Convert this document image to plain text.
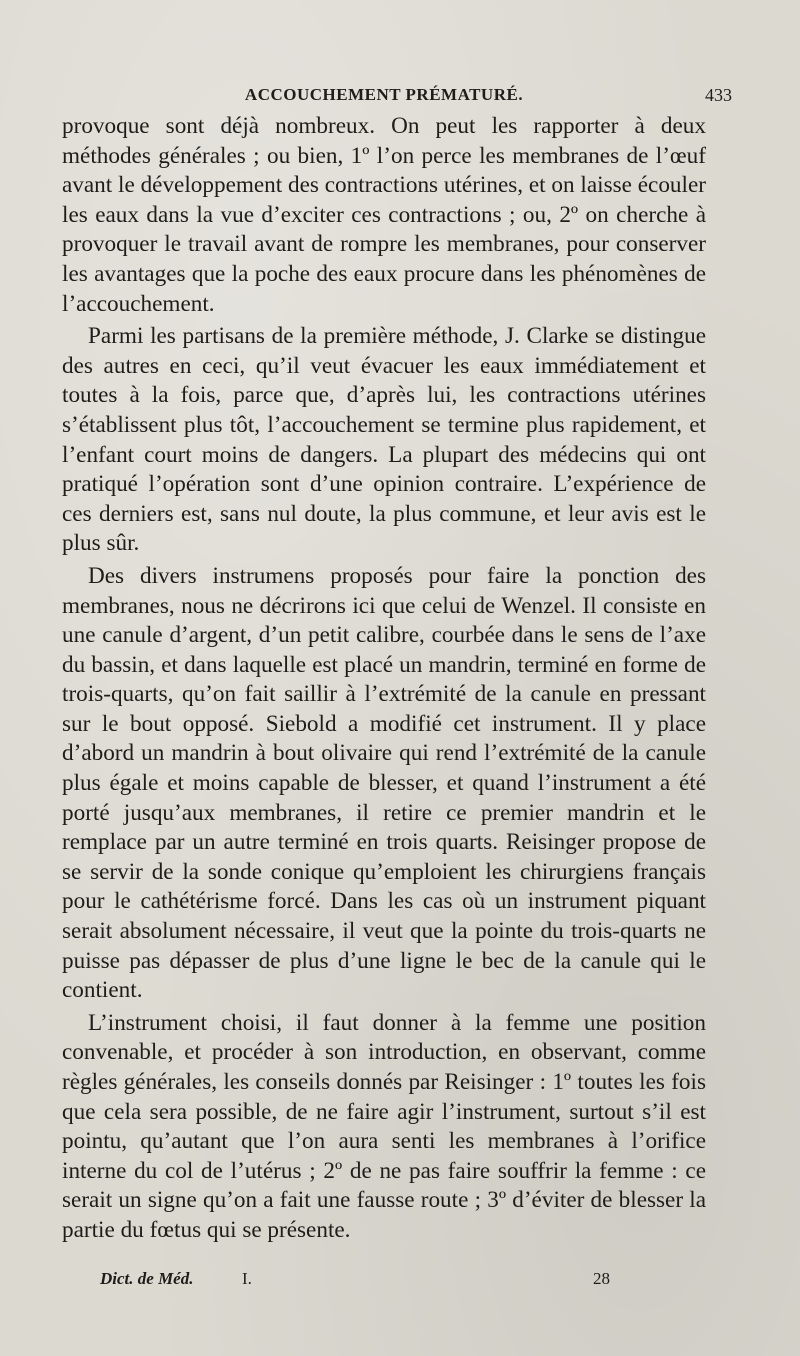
ACCOUCHEMENT PRÉMATURÉ.	433

provoque sont déjà nombreux. On peut les rapporter à deux méthodes générales ; ou bien, 1º l’on perce les membranes de l’œuf avant le développement des contractions utérines, et on laisse écouler les eaux dans la vue d’exciter ces contractions ; ou, 2º on cherche à provoquer le travail avant de rompre les membranes, pour conserver les avantages que la poche des eaux procure dans les phénomènes de l’accouchement.

Parmi les partisans de la première méthode, J. Clarke se distingue des autres en ceci, qu’il veut évacuer les eaux immédiatement et toutes à la fois, parce que, d’après lui, les contractions utérines s’établissent plus tôt, l’accouchement se termine plus rapidement, et l’enfant court moins de dangers. La plupart des médecins qui ont pratiqué l’opération sont d’une opinion contraire. L’expérience de ces derniers est, sans nul doute, la plus commune, et leur avis est le plus sûr.

Des divers instrumens proposés pour faire la ponction des membranes, nous ne décrirons ici que celui de Wenzel. Il consiste en une canule d’argent, d’un petit calibre, courbée dans le sens de l’axe du bassin, et dans laquelle est placé un mandrin, terminé en forme de trois-quarts, qu’on fait saillir à l’extrémité de la canule en pressant sur le bout opposé. Siebold a modifié cet instrument. Il y place d’abord un mandrin à bout olivaire qui rend l’extrémité de la canule plus égale et moins capable de blesser, et quand l’instrument a été porté jusqu’aux membranes, il retire ce premier mandrin et le remplace par un autre terminé en trois quarts. Reisinger propose de se servir de la sonde conique qu’emploient les chirurgiens français pour le cathétérisme forcé. Dans les cas où un instrument piquant serait absolument nécessaire, il veut que la pointe du trois-quarts ne puisse pas dépasser de plus d’une ligne le bec de la canule qui le contient.

L’instrument choisi, il faut donner à la femme une position convenable, et procéder à son introduction, en observant, comme règles générales, les conseils donnés par Reisinger : 1º toutes les fois que cela sera possible, de ne faire agir l’instrument, surtout s’il est pointu, qu’autant que l’on aura senti les membranes à l’orifice interne du col de l’utérus ; 2º de ne pas faire souffrir la femme : ce serait un signe qu’on a fait une fausse route ; 3º d’éviter de blesser la partie du fœtus qui se présente.

Dict. de Méd.	I.	28
